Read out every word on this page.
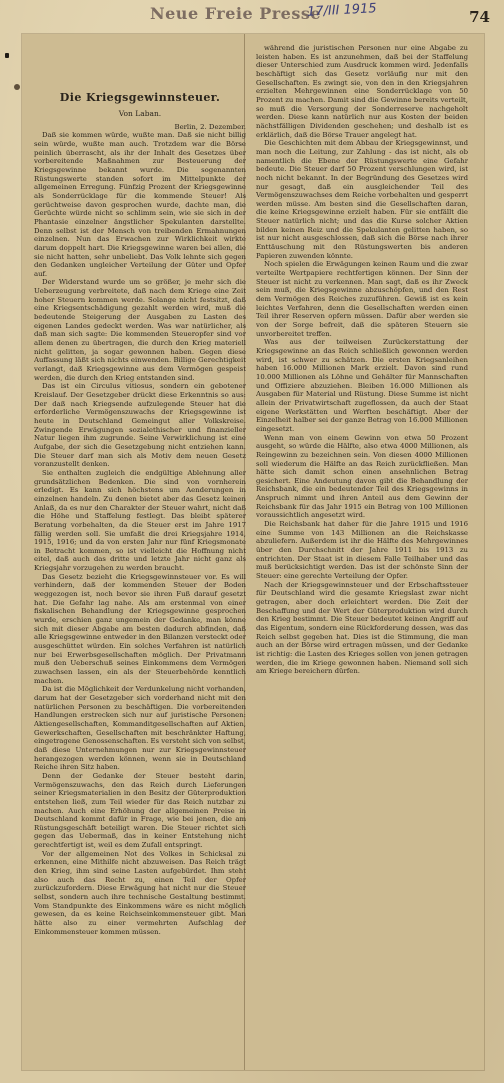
Neue Freie Presse
17/III 1915	74
Die Kriegsgewinnsteuer.
Von Laban.
Berlin, 2. Dezember.

Daß sie kommen würde, wußte man. Daß sie nicht billig sein würde, wußte man auch. Trotzdem war die Börse peinlich überrascht, als ihr der Inhalt des Gesetzes über vorbereitende Maßnahmen zur Besteuerung der Kriegsgewinne bekannt wurde. Die sogenannten Rüstungswerte standen sofort im Mittelpunkte der allgemeinen Erregung. Fünfzig Prozent der Kriegsgewinne als Sonderrücklage für die kommende Steuer! Als gerüchtweise davon gesprochen wurde, dachte man, die Gerüchte würde nicht so schlimm sein, wie sie sich in der Phantasie einzelner ängstlicher Spekulanten darstellte. Denn selbst ist der Mensch von treibenden Ermahnungen einzelnen. Nun das Erwachen zur Wirklichkeit wirkte darum doppelt hart. Die Kriegsgewinne waren bei allen, die sie nicht hatten, sehr unbeliebt. Das Volk lehnte sich gegen den Gedanken ungleicher Verteilung der Güter und Opfer auf.

Der Widerstand wurde um so größer, je mehr sich die Ueberzeugung verbreitete, daß nach dem Kriege eine Zeit hoher Steuern kommen werde. Solange nicht festsitzt, daß eine Kriegsentschädigung gezahlt werden wird, muß die bedeutende Steigerung der Ausgaben zu Lasten des eigenen Landes gedeckt werden. Was war natürlicher, als daß man sich sagte: Die kommenden Steueropfer sind vor allem denen zu übertragen, die durch den Krieg materiell nicht gelitten, ja sogar gewonnen haben. Gegen diese Auffassung läßt sich nichts einwenden. Billige Gerechtigkeit verlangt, daß Kriegsgewinne aus dem Vermögen gespeist werden, die durch den Krieg entstanden sind.

Das ist ein Circulus vitiosus, sondern ein gebotener Kreislauf. Der Gesetzgeber drückt diese Erkenntnis so aus: Der daß nach Kriegsende aufzulegende Steuer hat die erforderliche Vermögenszuwachs der Kriegsgewinne ist heute in Deutschland Gemeingut aller Volkskreise. Zwingende Erwägungen sozialethischer und finanzieller Natur liegen ihm zugrunde. Seine Verwirklichung ist eine Aufgabe, der sich die Gesetzgebung nicht entziehen kann. Die Steuer darf man sich als Motiv dem neuen Gesetz voranzustellt denken.

Sie enthalten zugleich die endgültige Ablehnung aller grundsätzlichen Bedenken. Die sind von vornherein erledigt. Es kann sich höchstens um Aenderungen in einzelnen handeln. Zu denen bietet aber das Gesetz keinen Anlaß, da es nur den Charakter der Steuer wahrt, nicht daß die Höhe und Staffelung festlegt. Das bleibt späterer Beratung vorbehalten, da die Steuer erst im Jahre 1917 fällig werden soll. Sie umfaßt die drei Kriegsjahre 1914, 1915, 1916; und da von ersten Jahr nur fünf Kriegsmonate in Betracht kommen, so ist vielleicht die Hoffnung nicht eitel, daß auch das dritte und letzte Jahr nicht ganz als Kriegsjahr vorzugehen zu werden braucht.

Das Gesetz bezieht die Kriegsgewinnsteuer vor. Es will verhindern, daß der kommenden Steuer der Boden weggezogen ist, noch bevor sie ihren Fuß darauf gesetzt hat. Die Gefahr lag nahe. Als am erstenmal von einer fiskalischen Behandlung der Kriegsgewinne gesprochen wurde, erschien ganz ungemein der Gedanke, man könne sich mit dieser Abgabe am besten dadurch abfinden, daß alle Kriegsgewinne entweder in den Bilanzen versteckt oder ausgeschüttet würden. Ein solches Verfahren ist natürlich nur bei Erwerbsgesellschaften möglich. Der Privatmann muß den Ueberschuß seines Einkommens dem Vermögen zuwachsen lassen, ein als der Steuerbehörde kenntlich machen.

Da ist die Möglichkeit der Verdunkelung nicht vorhanden, darum hat der Gesetzgeber sich vorderhand nicht mit den natürlichen Personen zu beschäftigen. Die vorbereitenden Handlungen erstrecken sich nur auf juristische Personen: Aktiengesellschaften, Kommanditgesellschaften auf Aktien, Gewerkschaften, Gesellschaften mit beschränkter Haftung, eingetragene Genossenschaften. Es versteht sich von selbst, daß diese Unternehmungen nur zur Kriegsgewinnsteuer herangezogen werden können, wenn sie in Deutschland Reiche ihren Sitz haben.

Denn der Gedanke der Steuer besteht darin, Vermögenszuwachs, den das Reich durch Lieferungen seiner Kriegsmaterialien in den Besitz der Güterproduktion entstehen ließ, zum Teil wieder für das Reich nutzbar zu machen. Auch eine Erhöhung der allgemeinen Preise in Deutschland kommt dafür in Frage, wie bei jenen, die am Rüstungsgeschäft beteiligt waren. Die Steuer richtet sich gegen das Uebermaß, das in keiner Entstehung nicht gerechtfertigt ist, weil es dem Zufall entspringt.

Vor der allgemeinen Not des Volkes in Schicksal zu erkennen, eine Mithilfe nicht abzuweisen. Das Reich trägt den Krieg, ihm sind seine Lasten aufgebürdet. Ihm steht also auch das Recht zu, einen Teil der Opfer zurückzufordern. Diese Erwägung hat nicht nur die Steuer selbst, sondern auch ihre technische Gestaltung bestimmt. Vom Standpunkte des Einkommens wäre es nicht möglich gewesen, da es keine Reichseinkommensteuer gibt. Man hätte also zu einer vermehrten Aufschlag der Einkommensteuer kommen müssen.

während die juristischen Personen nur eine Abgabe zu leisten haben. Es ist anzunehmen, daß bei der Staffelung dieser Unterschied zum Ausdruck kommen wird. Jedenfalls beschäftigt sich das Gesetz vorläufig nur mit den Gesellschaften. Es zwingt sie, von den in den Kriegsjahren erzielten Mehrgewinnen eine Sonderrücklage von 50 Prozent zu machen. Damit sind die Gewinne bereits verteilt, so muß die Versorgung der Sonderreserve nachgeholt werden. Diese kann natürlich nur aus Kosten der beiden nächstfälligen Dividenden geschehen; und deshalb ist es erklärlich, daß die Börse Trauer angelegt hat.

Die Geschichten mit dem Abbau der Kriegsgewinnst, und man noch die Leitung, zur Zahlung - das ist nicht, als ob namentlich die Ebene der Rüstungswerte eine Gefahr bedeute. Die Steuer darf 50 Prozent verschlungen wird, ist noch nicht bekannt. In der Begründung des Gesetzes wird nur gesagt, daß ein ausgleichender Teil des Vermögenszuwachses dem Reiche vorbehalten und gesperrt werden müsse. Am besten sind die Gesellschaften daran, die keine Kriegsgewinne erzielt haben. Für sie entfällt die Steuer natürlich nicht; und das die Kurse solcher Aktien bilden keinen Reiz und die Spekulanten gelitten haben, so ist nur nicht ausgeschlossen, daß sich die Börse nach ihrer Enttäuschung mit den Rüstungswerten bis anderen Papieren zuwenden könnte.

Noch spielen die Erwägungen keinen Raum und die zwar verteilte Wertpapiere rechtfertigen können. Der Sinn der Steuer ist nicht zu verkennen. Man sagt, daß es ihr Zweck sein muß, die Kriegsgewinne abzuschöpfen, und den Rest dem Vermögen des Reiches zuzuführen. Gewiß ist es kein leichtes Verfahren, denn die Gesellschaften werden einen Teil ihrer Reserven opfern müssen. Dafür aber werden sie von der Sorge befreit, daß die späteren Steuern sie unvorbereitet treffen.

Was aus der teilweisen Zurückerstattung der Kriegsgewinne an das Reich schließlich gewonnen werden wird, ist schwer zu schätzen. Die ersten Kriegsanleihen haben 16.000 Millionen Mark erzielt. Davon sind rund 10.000 Millionen als Löhne und Gehälter für Mannschaften und Offiziere abzuziehen. Bleiben 16.000 Millionen als Ausgaben für Material und Rüstung. Diese Summe ist nicht allein der Privatwirtschaft zugeflossen, da auch der Staat eigene Werkstätten und Werften beschäftigt. Aber der Einzelheit halber sei der ganze Betrag von 16.000 Millionen eingesetzt.

Wenn man von einem Gewinn von etwa 50 Prozent ausgeht, so würde die Hälfte, also etwa 4000 Millionen, als Reingewinn zu bezeichnen sein. Von diesen 4000 Millionen soll wiederum die Hälfte an das Reich zurückfließen. Man hätte sich damit schon einen ansehnlichen Betrag gesichert. Eine Andeutung davon gibt die Behandlung der Reichsbank, die ein bedeutender Teil des Kriegsgewinns in Anspruch nimmt und ihren Anteil aus dem Gewinn der Reichsbank für das Jahr 1915 ein Betrag von 100 Millionen voraussichtlich angesetzt wird.

Die Reichsbank hat daher für die Jahre 1915 und 1916 eine Summe von 143 Millionen an die Reichskasse abzuliefern. Außerdem ist ihr die Hälfte des Mehrgewinnes über den Durchschnitt der Jahre 1911 bis 1913 zu entrichten. Der Staat ist in diesem Falle Teilhaber und das muß berücksichtigt werden. Das ist der schönste Sinn der Steuer: eine gerechte Verteilung der Opfer.

Nach der Kriegsgewinnsteuer und der Erbschaftssteuer für Deutschland wird die gesamte Kriegslast zwar nicht getragen, aber doch erleichtert werden. Die Zeit der Beschaffung und der Wert der Güterproduktion wird durch den Krieg bestimmt. Die Steuer bedeutet keinen Angriff auf das Eigentum, sondern eine Rückforderung dessen, was das Reich selbst gegeben hat. Dies ist die Stimmung, die man auch an der Börse wird ertragen müssen, und der Gedanke ist richtig: die Lasten des Krieges sollen von jenen getragen werden, die im Kriege gewonnen haben. Niemand soll sich am Kriege bereichern dürfen.
